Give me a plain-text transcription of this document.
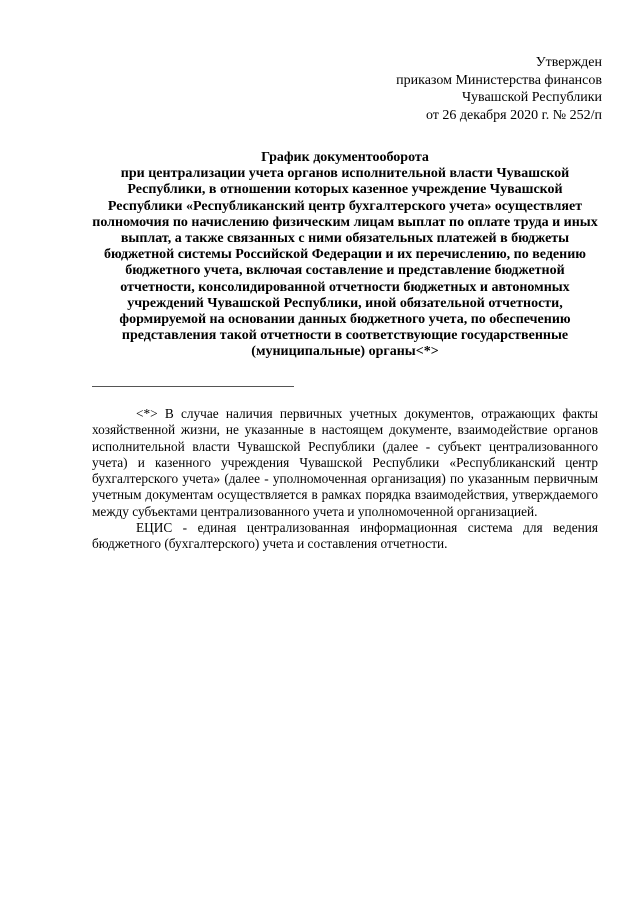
Утвержден
приказом Министерства финансов
Чувашской Республики
от 26 декабря 2020 г. № 252/п
График документооборота
при централизации учета органов исполнительной власти Чувашской Республики, в отношении которых казенное учреждение Чувашской Республики «Республиканский центр бухгалтерского учета» осуществляет полномочия по начислению физическим лицам выплат по оплате труда и иных выплат, а также связанных с ними обязательных платежей в бюджеты бюджетной системы Российской Федерации и их перечислению, по ведению бюджетного учета, включая составление и представление бюджетной отчетности, консолидированной отчетности бюджетных и автономных учреждений Чувашской Республики, иной обязательной отчетности, формируемой на основании данных бюджетного учета, по обеспечению представления такой отчетности в соответствующие государственные (муниципальные) органы<*>

<*> В случае наличия первичных учетных документов, отражающих факты хозяйственной жизни, не указанные в настоящем документе, взаимодействие органов исполнительной власти Чувашской Республики (далее - субъект централизованного учета) и казенного учреждения Чувашской Республики «Республиканский центр бухгалтерского учета» (далее - уполномоченная организация) по указанным первичным учетным документам осуществляется в рамках порядка взаимодействия, утверждаемого между субъектами централизованного учета и уполномоченной организацией.

ЕЦИС - единая централизованная информационная система для ведения бюджетного (бухгалтерского) учета и составления отчетности.
